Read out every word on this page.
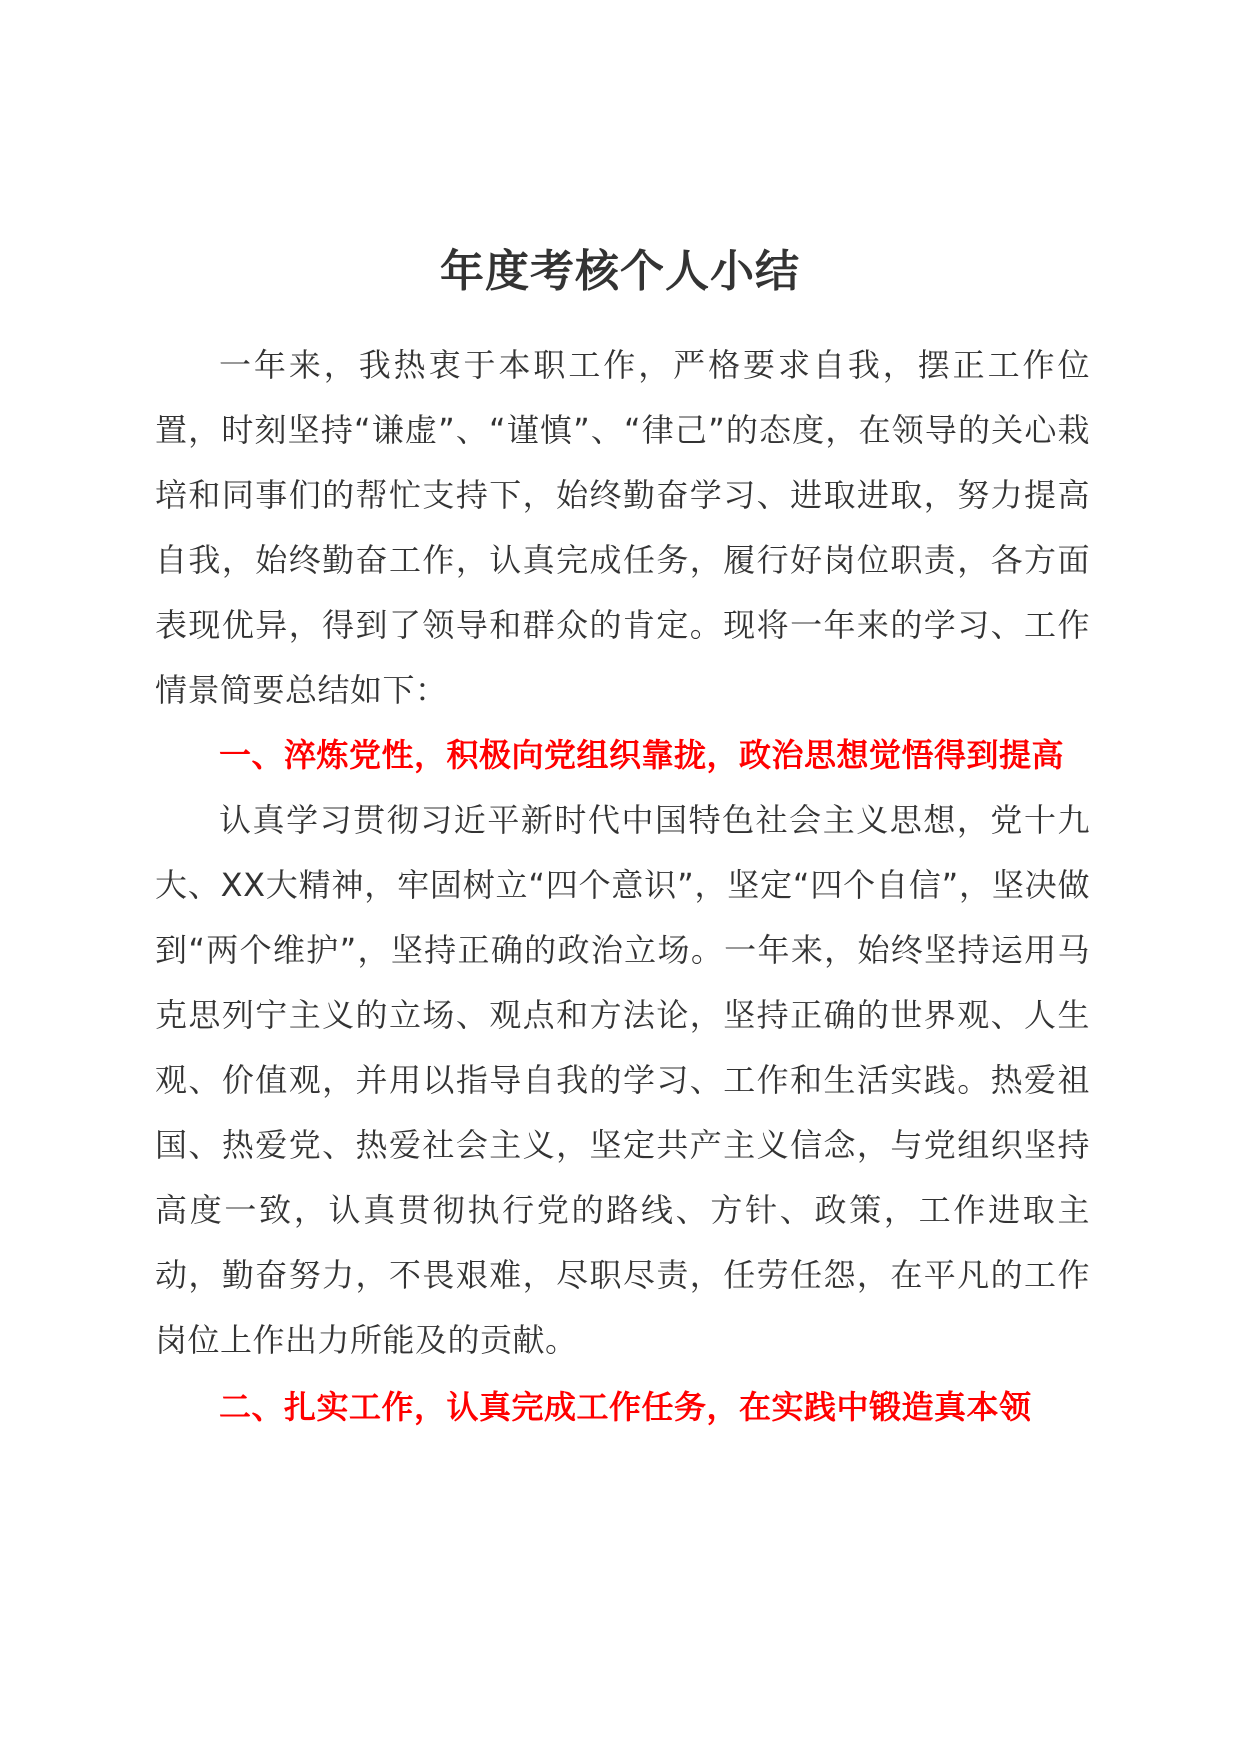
年度考核个人小结

一年来，我热衷于本职工作，严格要求自我，摆正工作位置，时刻坚持“谦虚”、“谨慎”、“律己”的态度，在领导的关心栽培和同事们的帮忙支持下，始终勤奋学习、进取进取，努力提高自我，始终勤奋工作，认真完成任务，履行好岗位职责，各方面表现优异，得到了领导和群众的肯定。现将一年来的学习、工作情景简要总结如下：

一、淬炼党性，积极向党组织靠拢，政治思想觉悟得到提高

认真学习贯彻习近平新时代中国特色社会主义思想，党十九大、XX大精神，牢固树立“四个意识”，坚定“四个自信”，坚决做到“两个维护”，坚持正确的政治立场。一年来，始终坚持运用马克思列宁主义的立场、观点和方法论，坚持正确的世界观、人生观、价值观，并用以指导自我的学习、工作和生活实践。热爱祖国、热爱党、热爱社会主义，坚定共产主义信念，与党组织坚持高度一致，认真贯彻执行党的路线、方针、政策，工作进取主动，勤奋努力，不畏艰难，尽职尽责，任劳任怨，在平凡的工作岗位上作出力所能及的贡献。

二、扎实工作，认真完成工作任务，在实践中锻造真本领
